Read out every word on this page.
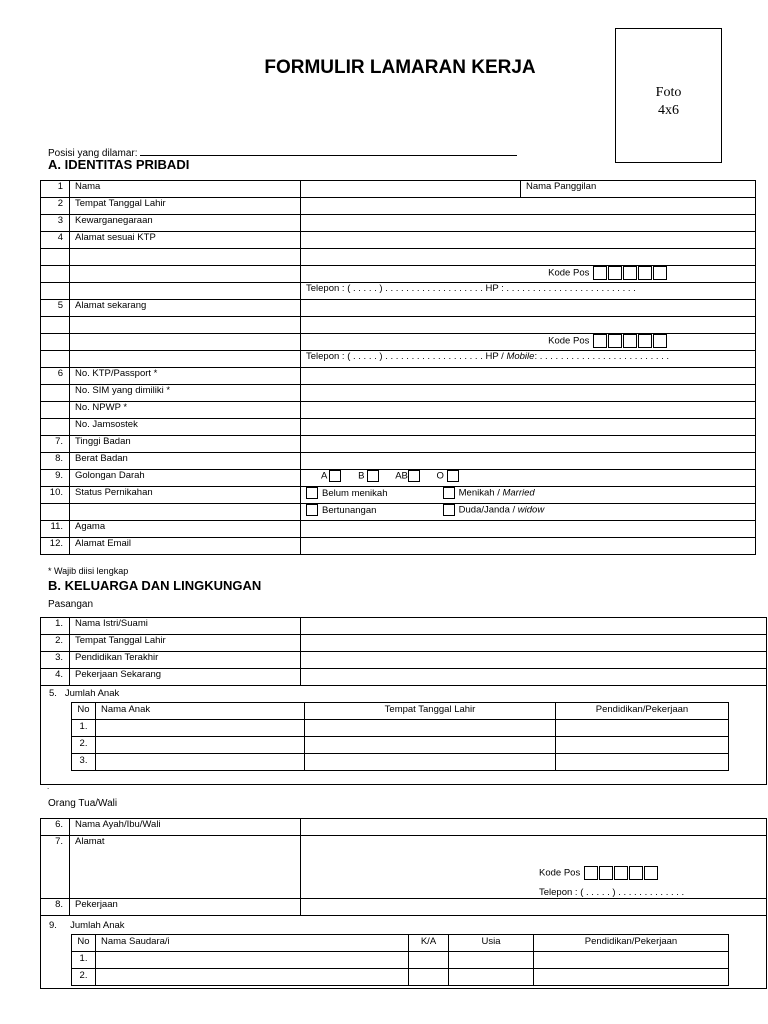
FORMULIR LAMARAN KERJA
Foto
4x6
Posisi yang dilamar:
A. IDENTITAS PRIBADI
1	Nama		Nama Panggilan
2	Tempat Tanggal Lahir		
3	Kewarganegaraan		
4	Alamat sesuai KTP		

		Kode Pos	
		Telepon : ( . . . . . ) . . . . . . . . . . . . . . . . . . . HP : . . . . . . . . . . . . . . . . . . . . . . . . .	
5	Alamat sekarang		

		Kode Pos	
		Telepon : ( . . . . . ) . . . . . . . . . . . . . . . . . . . HP / Mobile: . . . . . . . . . . . . . . . . . . . . . . . . .	
6	No. KTP/Passport *		
	No. SIM yang dimiliki *		
	No. NPWP *		
	No. Jamsostek		
7.	Tinggi Badan		
8.	Berat Badan		
9.	Golongan Darah	A B AB O	
10.	Status Pernikahan	Belum menikah Menikah / Married	
		Bertunangan Duda/Janda / widow	
11.	Agama		
12.	Alamat Email		
* Wajib diisi lengkap
B. KELUARGA DAN LINGKUNGAN
Pasangan
1.	Nama Istri/Suami	
2.	Tempat Tanggal Lahir	
3.	Pendidikan Terakhir	
4.	Pekerjaan Sekarang	

5. Jumlah Anak
No	Nama Anak	Tempat Tanggal Lahir	Pendidikan/Pekerjaan
1.			
2.			
3.			
.
Orang Tua/Wali
6.	Nama Ayah/Ibu/Wali	
7.	Alamat	
Kode Pos
Telepon : ( . . . . . ) . . . . . . . . . . . . .

8.	Pekerjaan	

9. Jumlah Anak
No	Nama Saudara/i	K/A	Usia	Pendidikan/Pekerjaan
1.				
2.				
